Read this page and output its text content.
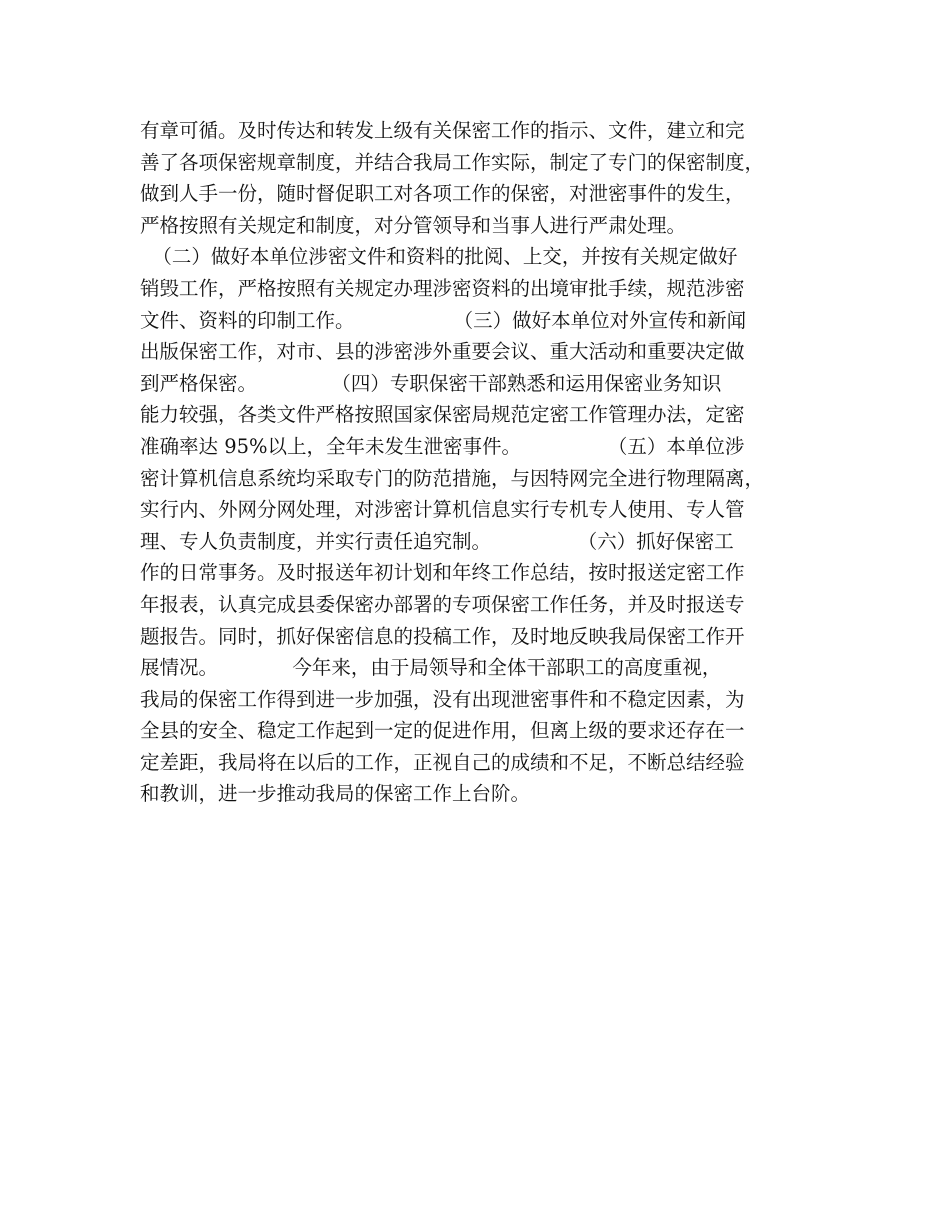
有章可循。及时传达和转发上级有关保密工作的指示、文件，建立和完
善了各项保密规章制度，并结合我局工作实际，制定了专门的保密制度，
做到人手一份，随时督促职工对各项工作的保密，对泄密事件的发生，
严格按照有关规定和制度，对分管领导和当事人进行严肃处理。
（二）做好本单位涉密文件和资料的批阅、上交，并按有关规定做好
销毁工作，严格按照有关规定办理涉密资料的出境审批手续，规范涉密
文件、资料的印制工作。                （三）做好本单位对外宣传和新闻
出版保密工作，对市、县的涉密涉外重要会议、重大活动和重要决定做
到严格保密。            （四）专职保密干部熟悉和运用保密业务知识
能力较强，各类文件严格按照国家保密局规范定密工作管理办法，定密
准确率达 95%以上，全年未发生泄密事件。              （五）本单位涉
密计算机信息系统均采取专门的防范措施，与因特网完全进行物理隔离，
实行内、外网分网处理，对涉密计算机信息实行专机专人使用、专人管
理、专人负责制度，并实行责任追究制。              （六）抓好保密工
作的日常事务。及时报送年初计划和年终工作总结，按时报送定密工作
年报表，认真完成县委保密办部署的专项保密工作任务，并及时报送专
题报告。同时，抓好保密信息的投稿工作，及时地反映我局保密工作开
展情况。            今年来，由于局领导和全体干部职工的高度重视，
我局的保密工作得到进一步加强，没有出现泄密事件和不稳定因素，为
全县的安全、稳定工作起到一定的促进作用，但离上级的要求还存在一
定差距，我局将在以后的工作，正视自己的成绩和不足，不断总结经验
和教训，进一步推动我局的保密工作上台阶。
